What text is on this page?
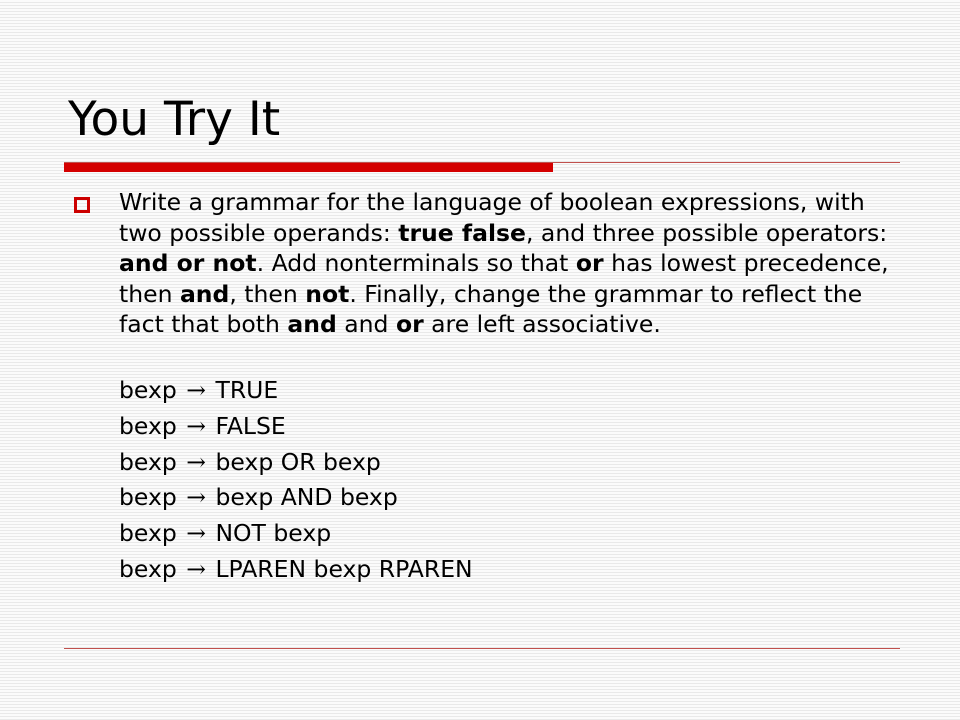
You Try It

Write a grammar for the language of boolean expressions, with two possible operands: true false, and three possible operators: and or not. Add nonterminals so that or has lowest precedence, then and, then not. Finally, change the grammar to reflect the fact that both and and or are left associative.

bexp → TRUE
bexp → FALSE
bexp → bexp OR bexp
bexp → bexp AND bexp
bexp → NOT bexp
bexp → LPAREN bexp RPAREN
